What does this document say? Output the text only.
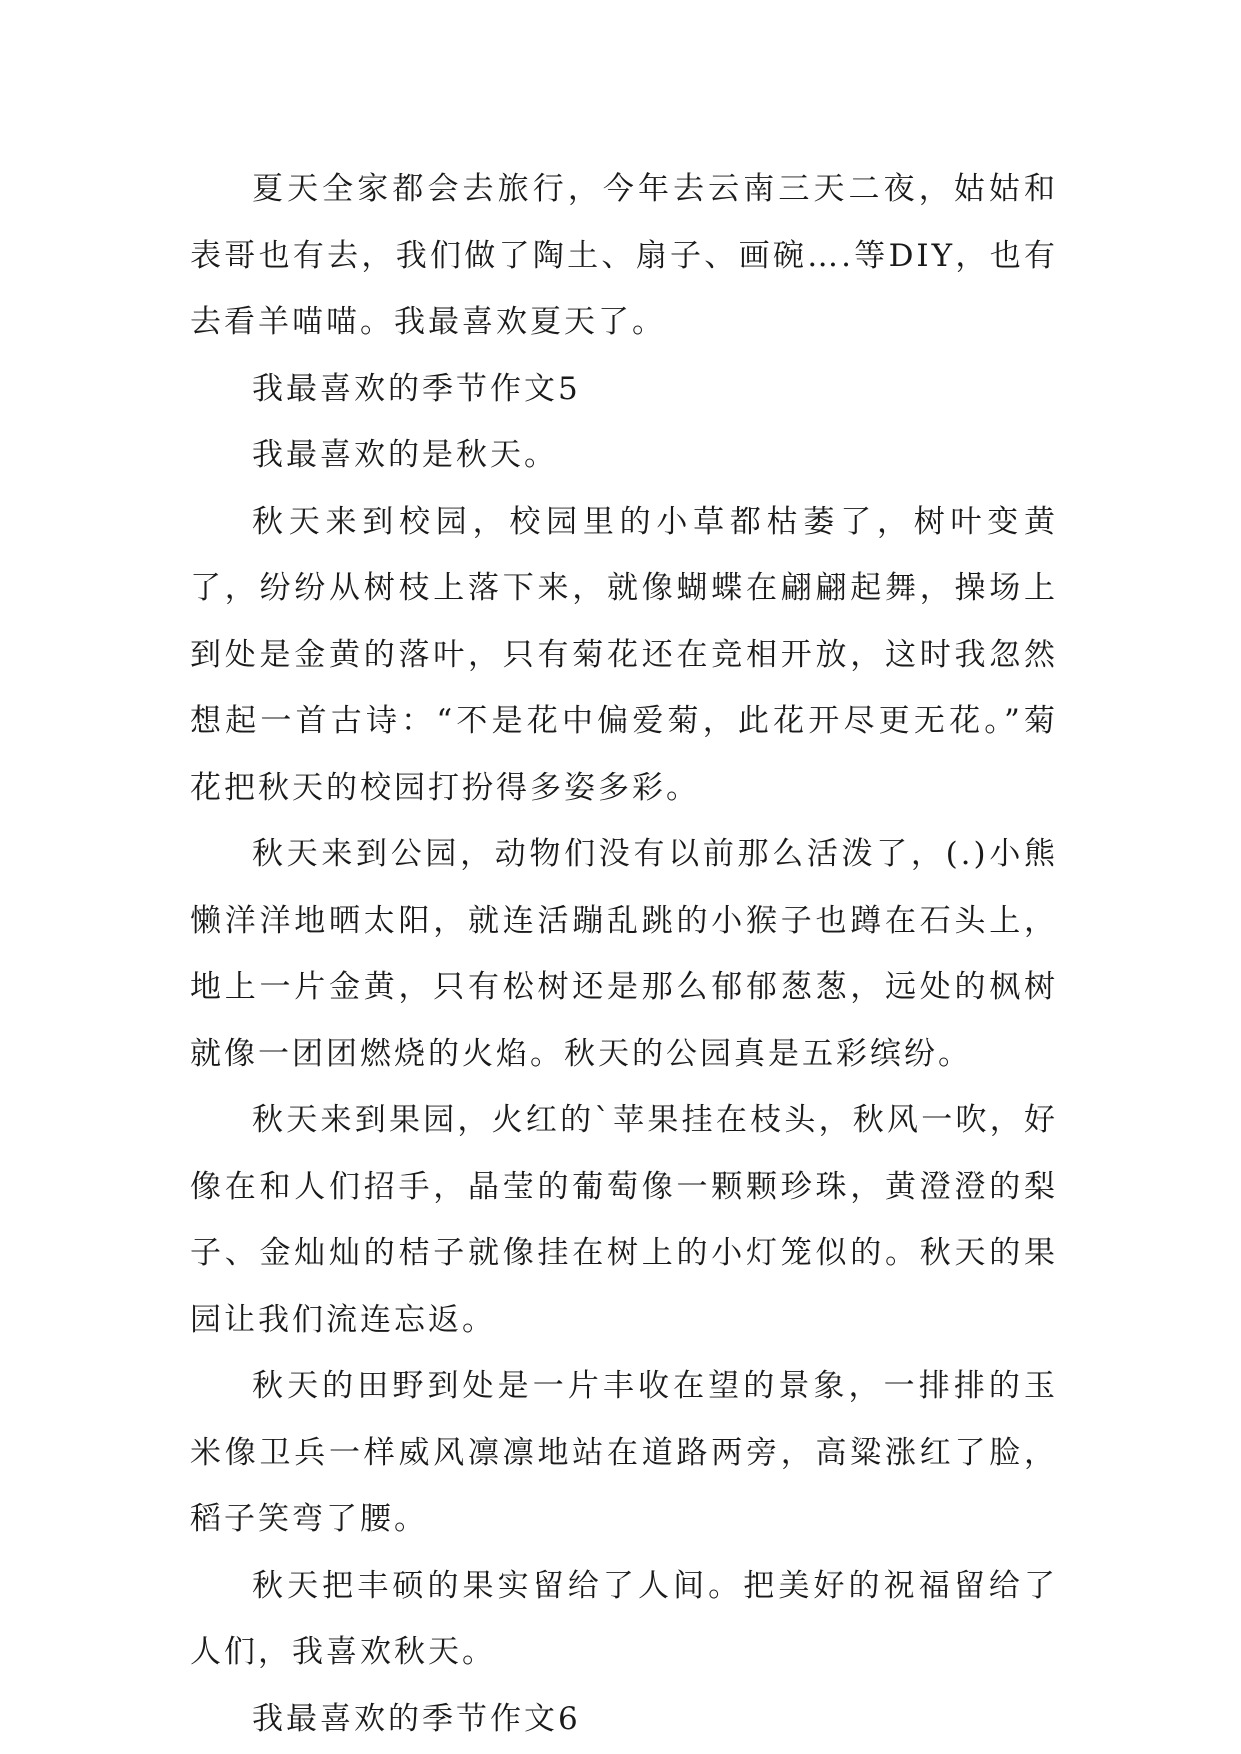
夏天全家都会去旅行，今年去云南三天二夜，姑姑和表哥也有去，我们做了陶土、扇子、画碗….等DIY，也有去看羊喵喵。我最喜欢夏天了。

我最喜欢的季节作文5

我最喜欢的是秋天。

秋天来到校园，校园里的小草都枯萎了，树叶变黄了，纷纷从树枝上落下来，就像蝴蝶在翩翩起舞，操场上到处是金黄的落叶，只有菊花还在竞相开放，这时我忽然想起一首古诗：“不是花中偏爱菊，此花开尽更无花。”菊花把秋天的校园打扮得多姿多彩。

秋天来到公园，动物们没有以前那么活泼了，(.)小熊懒洋洋地晒太阳，就连活蹦乱跳的小猴子也蹲在石头上，地上一片金黄，只有松树还是那么郁郁葱葱，远处的枫树就像一团团燃烧的火焰。秋天的公园真是五彩缤纷。

秋天来到果园，火红的`苹果挂在枝头，秋风一吹，好像在和人们招手，晶莹的葡萄像一颗颗珍珠，黄澄澄的梨子、金灿灿的桔子就像挂在树上的小灯笼似的。秋天的果园让我们流连忘返。

秋天的田野到处是一片丰收在望的景象，一排排的玉米像卫兵一样威风凛凛地站在道路两旁，高粱涨红了脸，稻子笑弯了腰。

秋天把丰硕的果实留给了人间。把美好的祝福留给了人们，我喜欢秋天。

我最喜欢的季节作文6
